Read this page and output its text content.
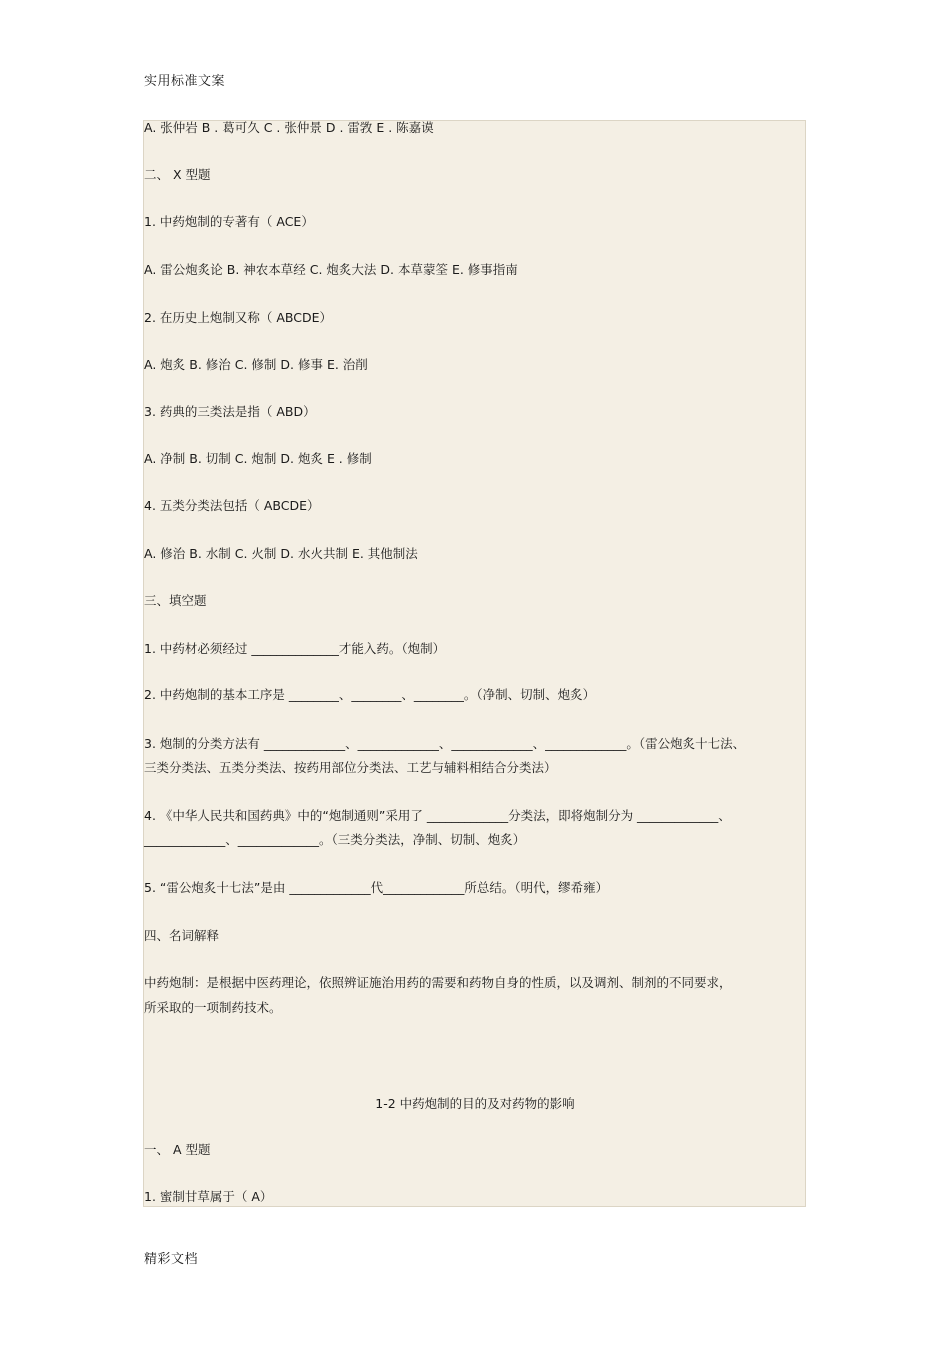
实用标准文案
A. 张仲岩 B . 葛可久 C . 张仲景 D . 雷敩 E . 陈嘉谟
二、 X 型题
1. 中药炮制的专著有（ ACE）
A. 雷公炮炙论 B. 神农本草经 C. 炮炙大法 D. 本草蒙筌 E. 修事指南
2. 在历史上炮制又称（ ABCDE）
A. 炮炙 B. 修治 C. 修制 D. 修事 E. 治削
3. 药典的三类法是指（ ABD）
A. 净制 B. 切制 C. 炮制 D. 炮炙 E . 修制
4. 五类分类法包括（ ABCDE）
A. 修治 B. 水制 C. 火制 D. 水火共制 E. 其他制法
三、填空题
1. 中药材必须经过 ______________才能入药。（炮制）
2. 中药炮制的基本工序是 ________、________、________。（净制、切制、炮炙）
3. 炮制的分类方法有 _____________、_____________、_____________、_____________。（雷公炮炙十七法、
三类分类法、五类分类法、按药用部位分类法、工艺与辅料相结合分类法）
4. 《中华人民共和国药典》中的“炮制通则”采用了 _____________分类法，即将炮制分为 _____________、
_____________、_____________。（三类分类法，净制、切制、炮炙）
5. “雷公炮炙十七法”是由 _____________代_____________所总结。（明代，缪希雍）
四、名词解释
中药炮制：是根据中医药理论，依照辨证施治用药的需要和药物自身的性质，以及调剂、制剂的不同要求，
所采取的一项制药技术。
1-2 中药炮制的目的及对药物的影响
一、 A 型题
1. 蜜制甘草属于（ A）
精彩文档
